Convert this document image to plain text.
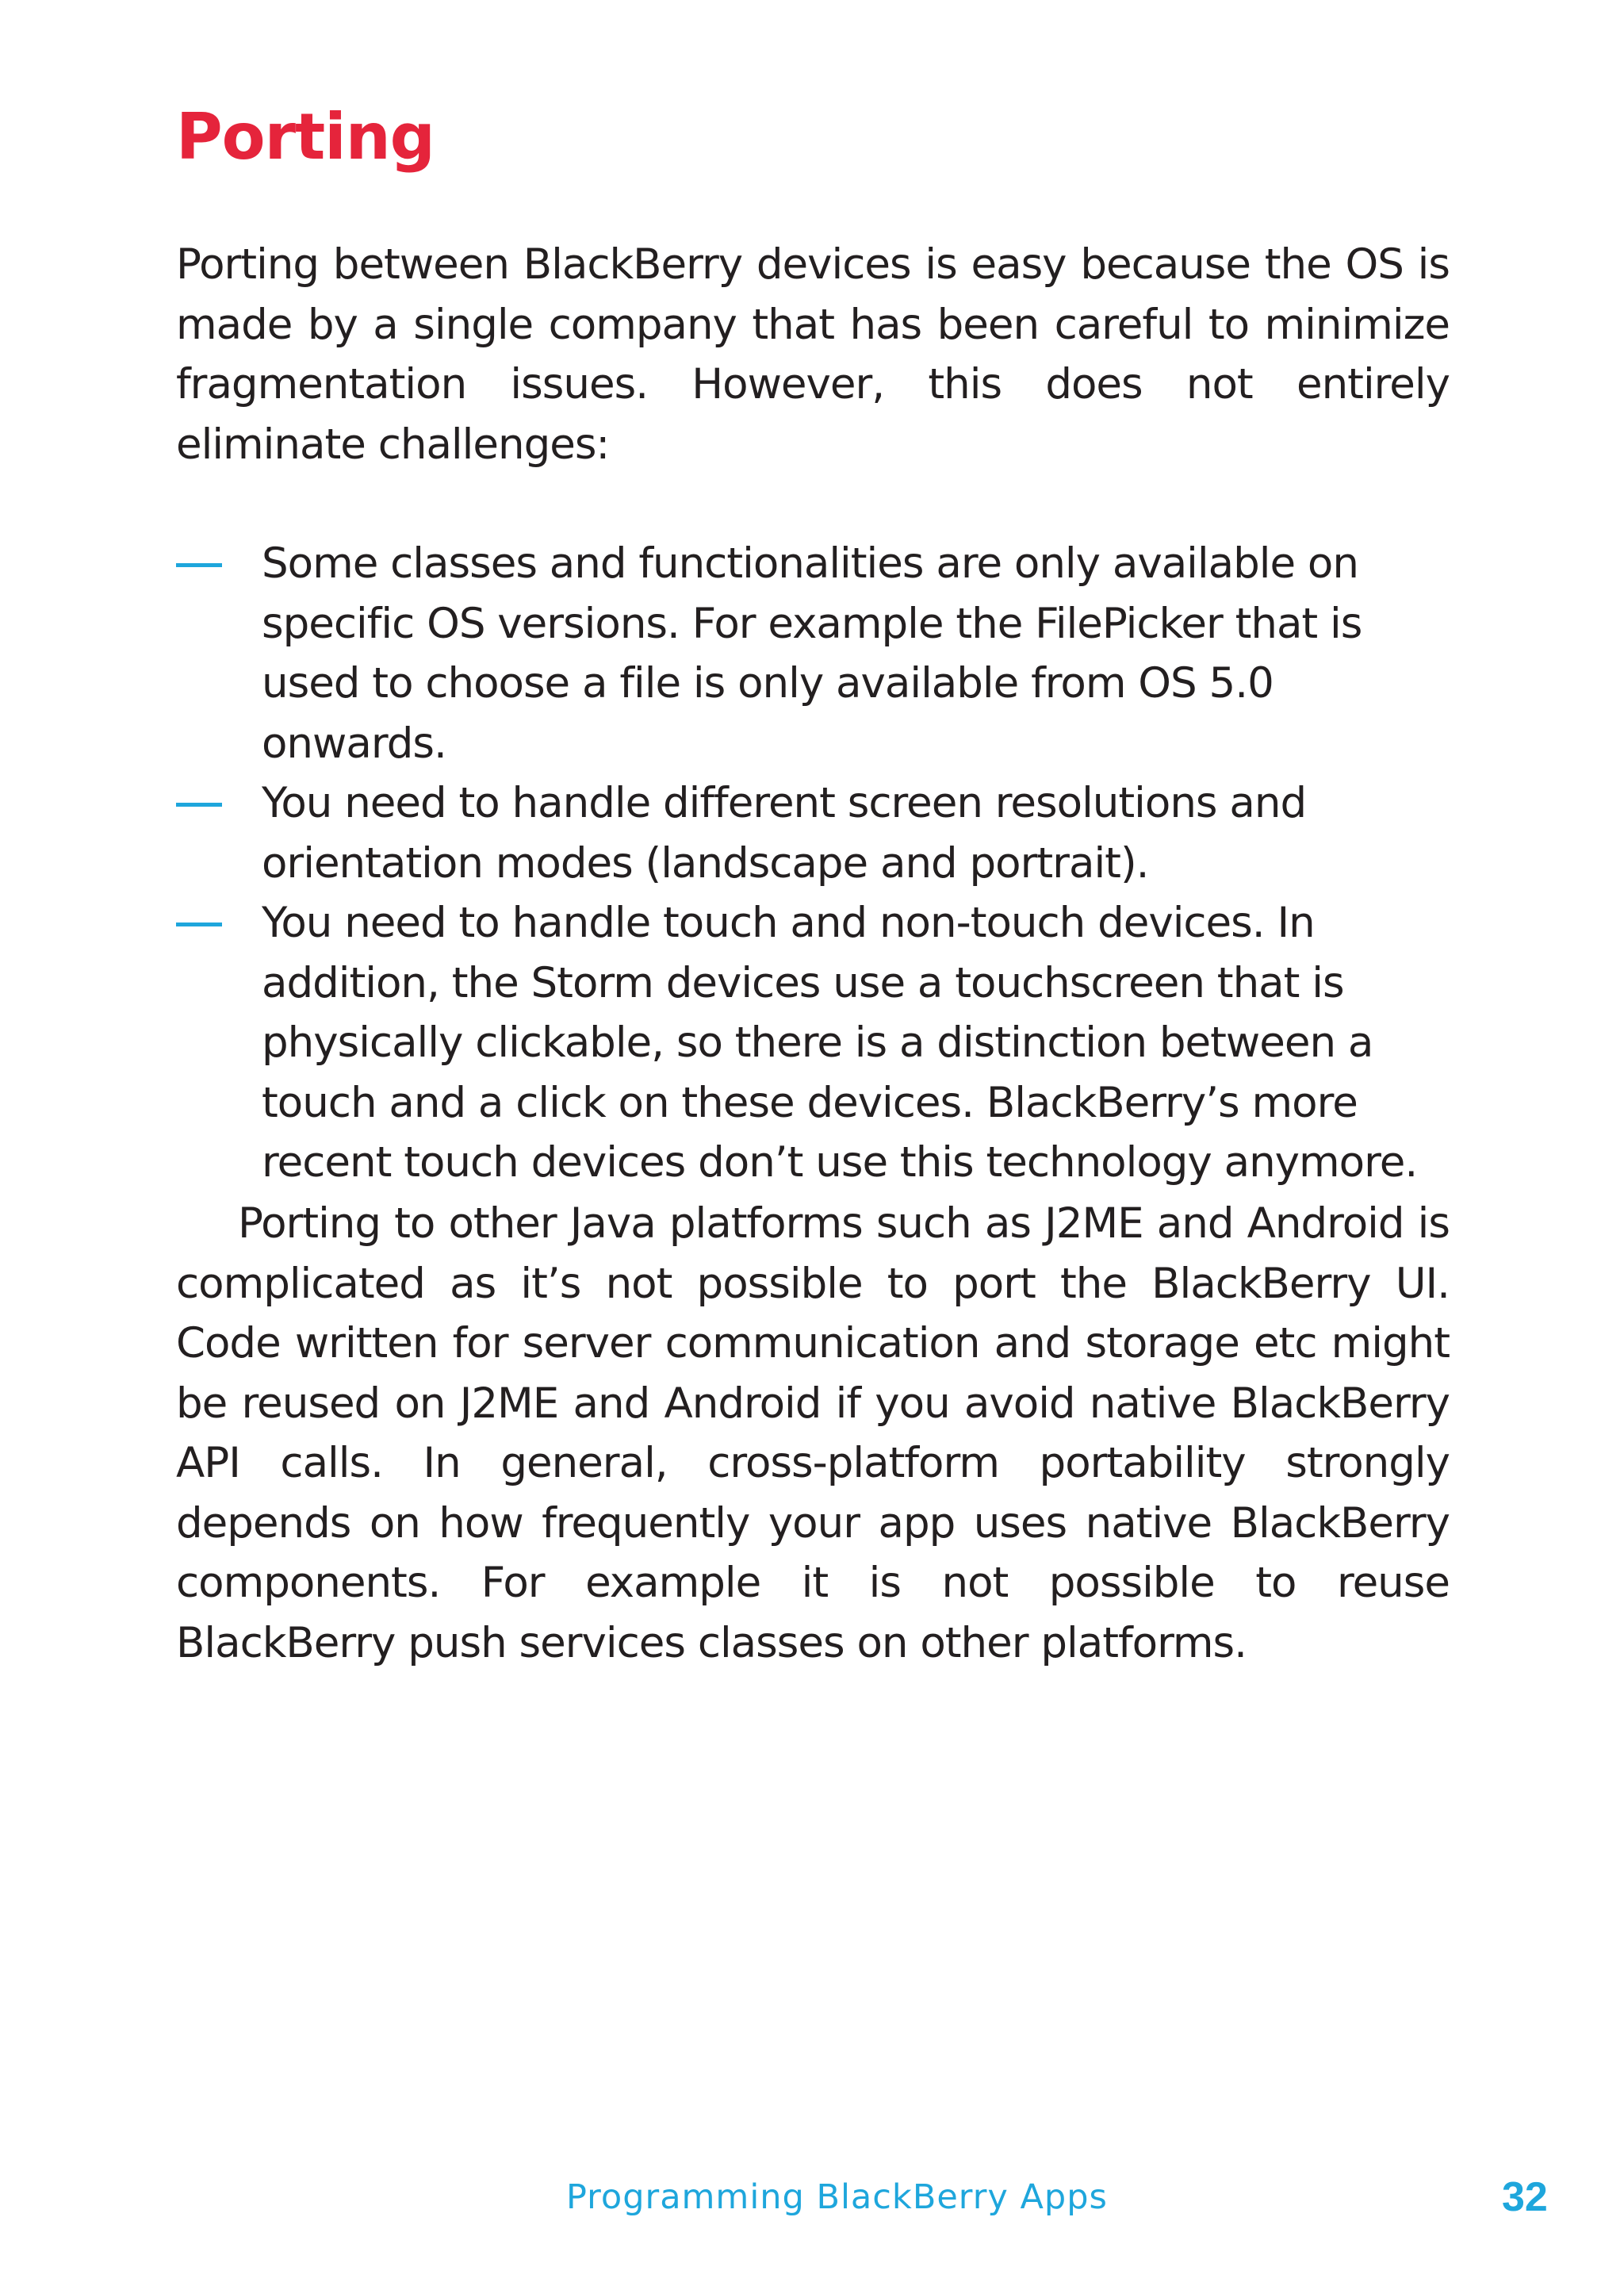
Porting

Porting between BlackBerry devices is easy because the OS is made by a single company that has been careful to minimize fragmentation issues. However, this does not entirely eliminate challenges:

Some classes and functionalities are only available on specific OS versions. For example the FilePicker that is used to choose a file is only available from OS 5.0 onwards.
You need to handle different screen resolutions and orientation modes (landscape and portrait).
You need to handle touch and non-touch devices. In addition, the Storm devices use a touchscreen that is physically clickable, so there is a distinction between a touch and a click on these devices. BlackBerry’s more recent touch devices don’t use this technology anymore.

Porting to other Java platforms such as J2ME and Android is complicated as it’s not possible to port the BlackBerry UI. Code written for server communication and storage etc might be reused on J2ME and Android if you avoid native BlackBerry API calls. In general, cross-platform portability strongly depends on how frequently your app uses native BlackBerry components. For example it is not possible to reuse BlackBerry push services classes on other platforms.

Programming BlackBerry Apps	32
